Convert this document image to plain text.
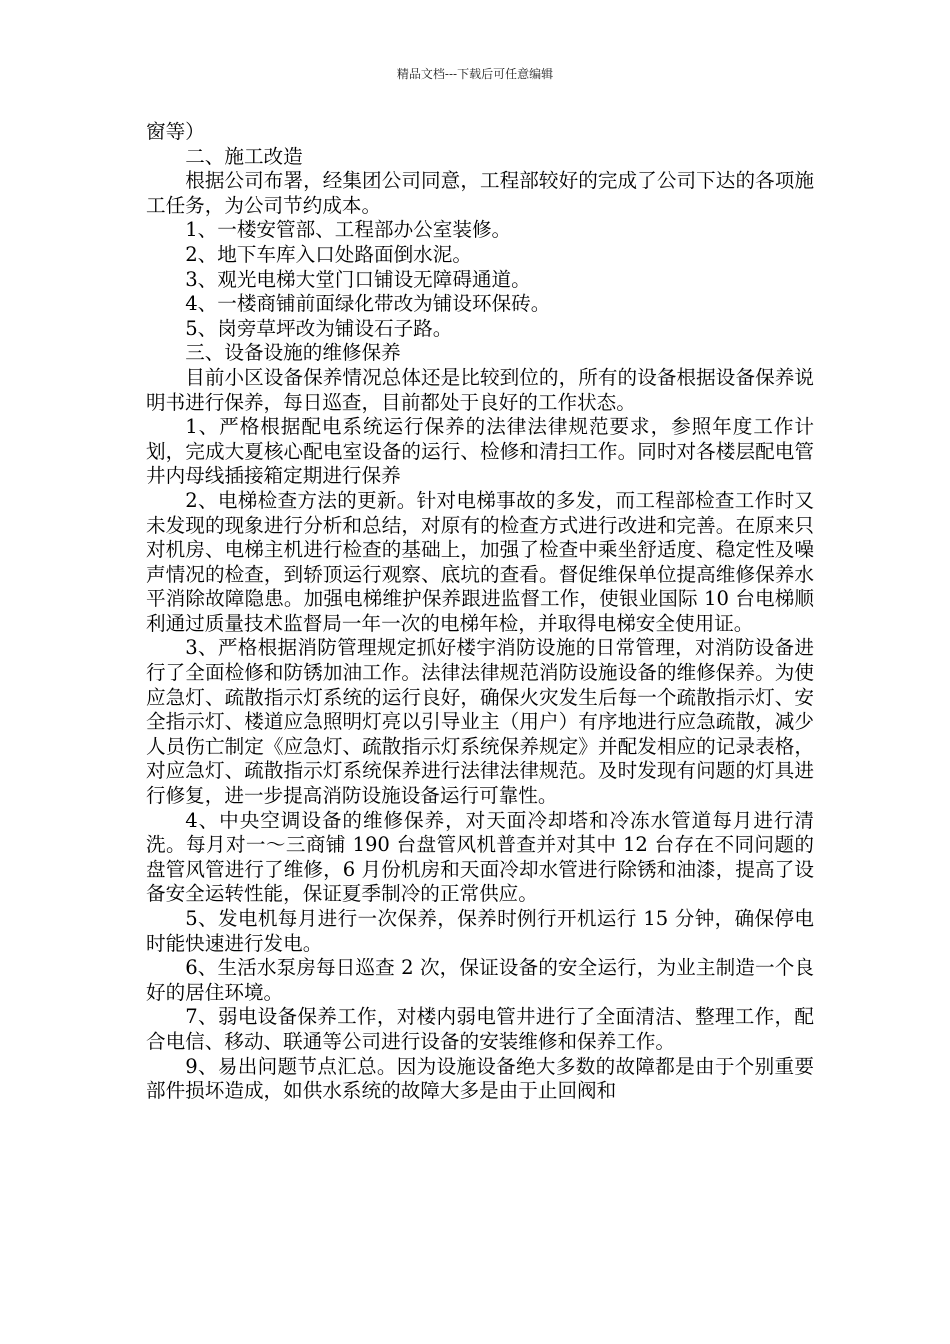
精品文档---下载后可任意编辑

窗等）

二、施工改造

根据公司布署，经集团公司同意，工程部较好的完成了公司下达的各项施工任务，为公司节约成本。

1、一楼安管部、工程部办公室装修。

2、地下车库入口处路面倒水泥。

3、观光电梯大堂门口铺设无障碍通道。

4、一楼商铺前面绿化带改为铺设环保砖。

5、岗旁草坪改为铺设石子路。

三、设备设施的维修保养

目前小区设备保养情况总体还是比较到位的，所有的设备根据设备保养说明书进行保养，每日巡查，目前都处于良好的工作状态。

1、严格根据配电系统运行保养的法律法律规范要求，参照年度工作计划，完成大夏核心配电室设备的运行、检修和清扫工作。同时对各楼层配电管井内母线插接箱定期进行保养

2、电梯检查方法的更新。针对电梯事故的多发，而工程部检查工作时又未发现的现象进行分析和总结，对原有的检查方式进行改进和完善。在原来只对机房、电梯主机进行检查的基础上，加强了检查中乘坐舒适度、稳定性及噪声情况的检查，到轿顶运行观察、底坑的查看。督促维保单位提高维修保养水平消除故障隐患。加强电梯维护保养跟进监督工作，使银业国际 10 台电梯顺利通过质量技术监督局一年一次的电梯年检，并取得电梯安全使用证。

3、严格根据消防管理规定抓好楼宇消防设施的日常管理，对消防设备进行了全面检修和防锈加油工作。法律法律规范消防设施设备的维修保养。为使应急灯、疏散指示灯系统的运行良好，确保火灾发生后每一个疏散指示灯、安全指示灯、楼道应急照明灯亮以引导业主（用户）有序地进行应急疏散，减少人员伤亡制定《应急灯、疏散指示灯系统保养规定》并配发相应的记录表格，对应急灯、疏散指示灯系统保养进行法律法律规范。及时发现有问题的灯具进行修复，进一步提高消防设施设备运行可靠性。

4、中央空调设备的维修保养，对天面冷却塔和冷冻水管道每月进行清洗。每月对一～三商铺 190 台盘管风机普查并对其中 12 台存在不同问题的盘管风管进行了维修，6 月份机房和天面冷却水管进行除锈和油漆，提高了设备安全运转性能，保证夏季制冷的正常供应。

5、发电机每月进行一次保养，保养时例行开机运行 15 分钟，确保停电时能快速进行发电。

6、生活水泵房每日巡查 2 次，保证设备的安全运行，为业主制造一个良好的居住环境。

7、弱电设备保养工作，对楼内弱电管井进行了全面清洁、整理工作，配合电信、移动、联通等公司进行设备的安装维修和保养工作。

9、易出问题节点汇总。因为设施设备绝大多数的故障都是由于个别重要部件损坏造成，如供水系统的故障大多是由于止回阀和
